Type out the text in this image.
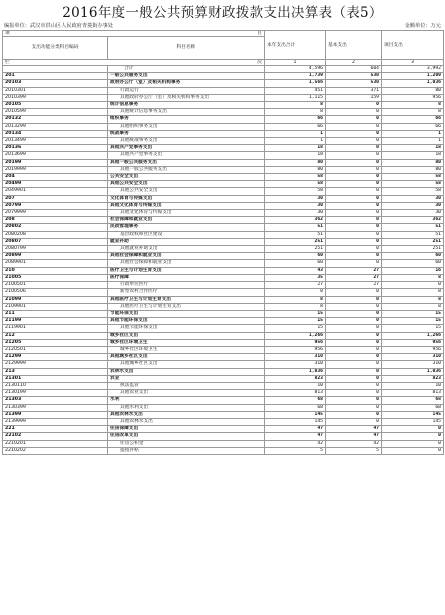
2016年度一般公共预算财政拨款支出决算表（表5）
编报单位：武汉市洪山区人民政府青菱街办事处	金额单位：万元
项 目		本年支出合计	基本支出	项目支出
支出功能分类科目编码	科目名称			
栏 次		1	2	3
	合计	4,596	604	3,992
201	一般公共服务支出	1,739	530	1,209
20103	政府办公厅（室）及相关机构事务	1,566	530	1,036
2010301	行政运行	451	371	80
2010399	其他政府办公厅（室）及相关机构事务支出	1,115	159	956
20105	统计信息事务	8	0	8
2010599	其他统计信息事务支出	8	0	8
20132	组织事务	66	0	66
2013299	其他组织事务支出	66	0	66
20134	统战事务	1	0	1
2013499	其他统战事务支出	1	0	1
20136	其他共产党事务支出	18	0	18
2013699	其他共产党事务支出	18	0	18
20199	其他一般公共服务支出	80	0	80
2019999	其他一般公共服务支出	80	0	80
204	公共安全支出	58	0	58
20499	其他公共安全支出	58	0	58
2049901	其他公共安全支出	58	0	58
207	文化体育与传媒支出	30	0	30
20799	其他文化体育与传媒支出	30	0	30
2079999	其他文化体育与传媒支出	30	0	30
208	社会保障和就业支出	362	0	362
20802	民政管理事务	51	0	51
2080208	基层政权和社区建设	51	0	51
20807	就业补助	251	0	251
2080799	其他就业补助支出	251	0	251
20899	其他社会保障和就业支出	60	0	60
2089901	其他社会保障和就业支出	60	0	60
210	医疗卫生与计划生育支出	43	27	16
21005	医疗保障	35	27	8
2100501	行政单位医疗	27	27	0
2100506	新型农村合作医疗	8	0	8
21099	其他医疗卫生与计划生育支出	8	0	8
2109901	其他医疗卫生与计划生育支出	8	0	8
211	节能环保支出	15	0	15
21199	其他节能环保支出	15	0	15
2119901	其他节能环保支出	15	0	15
212	城乡社区支出	1,266	0	1,266
21205	城乡社区环境卫生	956	0	956
2120501	城乡社区环境卫生	956	0	956
21299	其他城乡社区支出	310	0	310
2129999	其他城乡社区支出	310	0	310
213	农林水支出	1,036	0	1,036
21301	农业	823	0	823
2130110	执法监管	10	0	10
2130199	其他农业支出	813	0	813
21303	水利	68	0	68
2130399	其他水利支出	68	0	68
21399	其他农林水支出	145	0	145
2139999	其他农林水支出	145	0	145
221	住房保障支出	47	47	0
22102	住房改革支出	47	47	0
2210201	住房公积金	42	42	0
2210202	提租补贴	5	5	0
